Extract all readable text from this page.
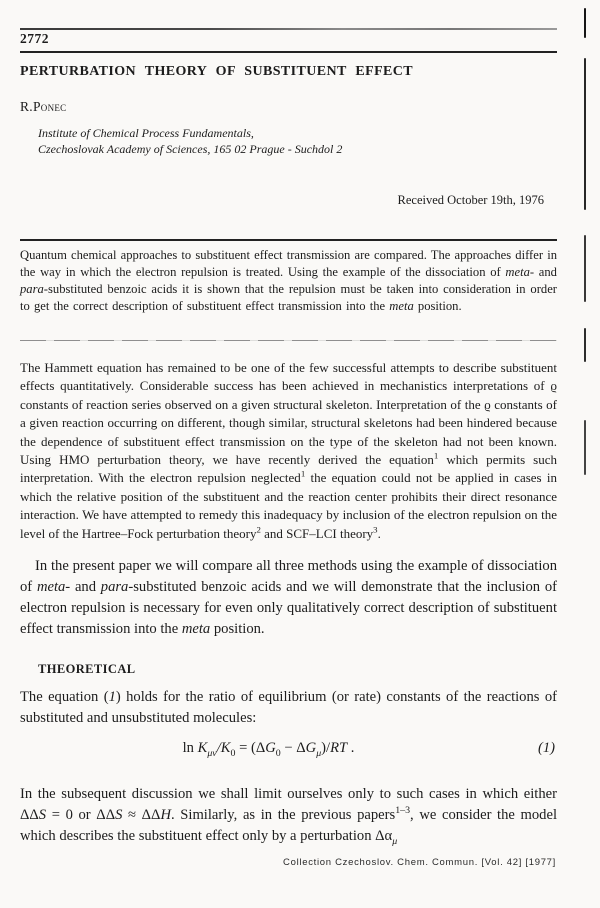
2772
PERTURBATION THEORY OF SUBSTITUENT EFFECT
R.Ponec
Institute of Chemical Process Fundamentals,
Czechoslovak Academy of Sciences, 165 02 Prague - Suchdol 2
Received October 19th, 1976

Quantum chemical approaches to substituent effect transmission are compared. The approaches differ in the way in which the electron repulsion is treated. Using the example of the dissociation of meta- and para-substituted benzoic acids it is shown that the repulsion must be taken into consideration in order to get the correct description of substituent effect transmission into the meta position.

The Hammett equation has remained to be one of the few successful attempts to describe substituent effects quantitatively. Considerable success has been achieved in mechanistics interpretations of ϱ constants of reaction series observed on a given structural skeleton. Interpretation of the ϱ constants of a given reaction occurring on different, though similar, structural skeletons had been hindered because the dependence of substituent effect transmission on the type of the skeleton had not been known. Using HMO perturbation theory, we have recently derived the equation$^1$ which permits such interpretation. With the electron repulsion neglected$^1$ the equation could not be applied in cases in which the relative position of the substituent and the reaction center prohibits their direct resonance interaction. We have attempted to remedy this inadequacy by inclusion of the electron repulsion on the level of the Hartree–Fock perturbation theory$^2$ and SCF–LCI theory$^3$.

In the present paper we will compare all three methods using the example of dissociation of meta- and para-substituted benzoic acids and we will demonstrate that the inclusion of electron repulsion is necessary for even only qualitatively correct description of substituent effect transmission into the meta position.

THEORETICAL

The equation (1) holds for the ratio of equilibrium (or rate) constants of the reactions of substituted and unsubstituted molecules:

$\ln K_{\mu\nu}/K_0 = (\Delta G_0 - \Delta G_\mu)/RT$ .	(1)

In the subsequent discussion we shall limit ourselves only to such cases in which either ΔΔS = 0 or ΔΔS ≈ ΔΔH. Similarly, as in the previous papers$^{1-3}$, we consider the model which describes the substituent effect only by a perturbation $\Delta\alpha_\mu$

Collection Czechoslov. Chem. Commun. [Vol. 42] [1977]
